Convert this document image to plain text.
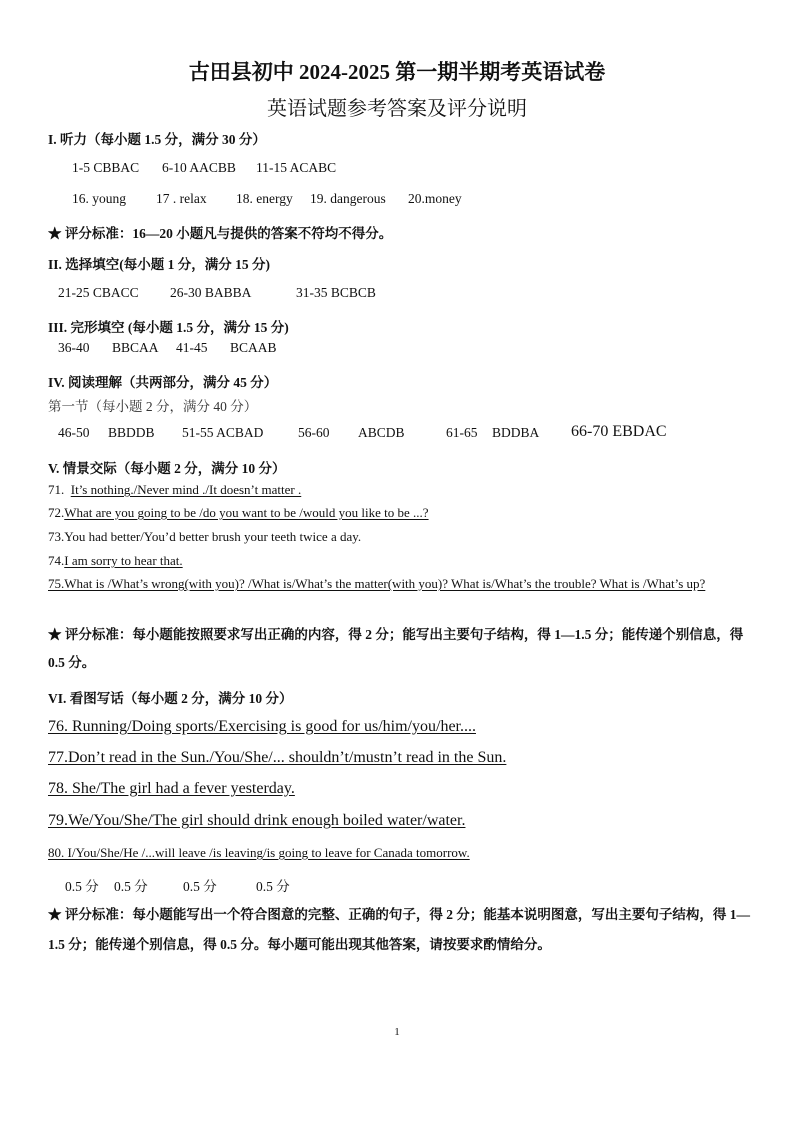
古田县初中 2024-2025 第一期半期考英语试卷
英语试题参考答案及评分说明
I. 听力（每小题 1.5 分，满分 30 分）
1-5 CBBAC 6-10 AACBB 11-15 ACABC
16. young 17 . relax 18. energy 19. dangerous 20.money
★ 评分标准：16—20 小题凡与提供的答案不符均不得分。
II. 选择填空(每小题 1 分，满分 15 分)
21-25 CBACC 26-30 BABBA	31-35 BCBCB
III. 完形填空 (每小题 1.5 分，满分 15 分)
36-40 BBCAA 41-45 BCAAB
IV. 阅读理解（共两部分，满分 45 分）
第一节（每小题 2 分，满分 40 分）
46-50 BBDDB 51-55 ACBAD	56-60 ABCDB	61-65 BDDBA 66-70 EBDAC
V. 情景交际（每小题 2 分，满分 10 分）
71. It’s nothing./Never mind ./It doesn’t matter .
72.What are you going to be /do you want to be /would you like to be ...?
73.You had better/You’d better brush your teeth twice a day.
74.I am sorry to hear that.
75.What is /What’s wrong(with you)? /What is/What’s the matter(with you)? What is/What’s the trouble? What is /What’s up?
★ 评分标准：每小题能按照要求写出正确的内容，得 2 分；能写出主要句子结构，得 1—1.5 分；能传递个别信息，得 0.5 分。
VI. 看图写话（每小题 2 分，满分 10 分）
76. Running/Doing sports/Exercising is good for us/him/you/her....
77.Don’t read in the Sun./You/She/... shouldn’t/mustn’t read in the Sun.
78. She/The girl had a fever yesterday.
79.We/You/She/The girl should drink enough boiled water/water.
80. I/You/She/He /...will leave /is leaving/is going to leave for Canada tomorrow.
0.5 分 0.5 分	0.5 分	0.5 分
★ 评分标准：每小题能写出一个符合图意的完整、正确的句子，得 2 分；能基本说明图意，写出主要句子结构，得 1—1.5 分；能传递个别信息，得 0.5 分。每小题可能出现其他答案，请按要求酌情给分。
1
